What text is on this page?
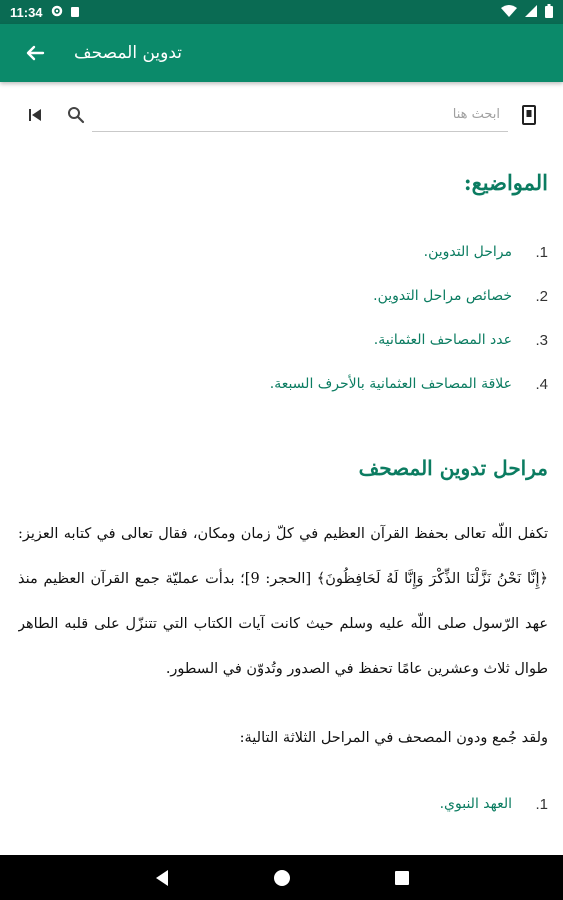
11:34
تدوين المصحف
ابحث هنا
المواضيع:
1.
مراحل التدوين.
2.
خصائص مراحل التدوين.
3.
عدد المصاحف العثمانية.
4.
علاقة المصاحف العثمانية بالأحرف السبعة.
مراحل تدوين المصحف

تكفل اللّه تعالى بحفظ القرآن العظيم في كلّ زمان ومكان، فقال تعالى في كتابه العزيز: ﴿إِنَّا نَحْنُ نَزَّلْنَا الذِّكْرَ وَإِنَّا لَهُ لَحَافِظُونَ﴾ [الحجر: 9]؛ بدأت عمليّة جمع القرآن العظيم منذ عهد الرّسول صلى اللّه عليه وسلم حيث كانت آيات الكتاب التي تتنزّل على قلبه الطاهر طوال ثلاث وعشرين عامًا تحفظ في الصدور وتُدوّن في السطور.

ولقد جُمع ودون المصحف في المراحل الثلاثة التالية:

1.
العهد النبوي.
